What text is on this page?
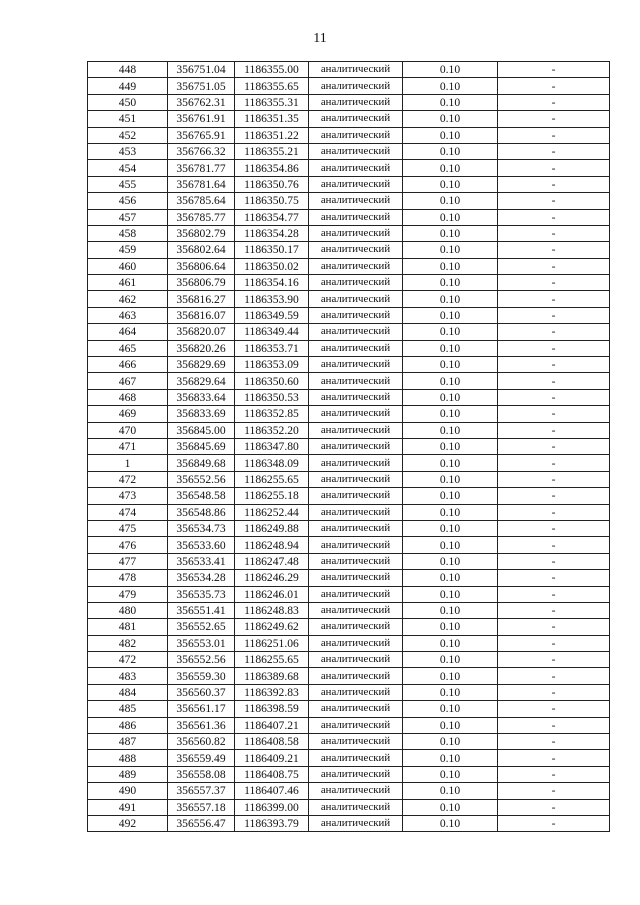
11
448	356751.04	1186355.00	аналитический	0.10	-
449	356751.05	1186355.65	аналитический	0.10	-
450	356762.31	1186355.31	аналитический	0.10	-
451	356761.91	1186351.35	аналитический	0.10	-
452	356765.91	1186351.22	аналитический	0.10	-
453	356766.32	1186355.21	аналитический	0.10	-
454	356781.77	1186354.86	аналитический	0.10	-
455	356781.64	1186350.76	аналитический	0.10	-
456	356785.64	1186350.75	аналитический	0.10	-
457	356785.77	1186354.77	аналитический	0.10	-
458	356802.79	1186354.28	аналитический	0.10	-
459	356802.64	1186350.17	аналитический	0.10	-
460	356806.64	1186350.02	аналитический	0.10	-
461	356806.79	1186354.16	аналитический	0.10	-
462	356816.27	1186353.90	аналитический	0.10	-
463	356816.07	1186349.59	аналитический	0.10	-
464	356820.07	1186349.44	аналитический	0.10	-
465	356820.26	1186353.71	аналитический	0.10	-
466	356829.69	1186353.09	аналитический	0.10	-
467	356829.64	1186350.60	аналитический	0.10	-
468	356833.64	1186350.53	аналитический	0.10	-
469	356833.69	1186352.85	аналитический	0.10	-
470	356845.00	1186352.20	аналитический	0.10	-
471	356845.69	1186347.80	аналитический	0.10	-
1	356849.68	1186348.09	аналитический	0.10	-
472	356552.56	1186255.65	аналитический	0.10	-
473	356548.58	1186255.18	аналитический	0.10	-
474	356548.86	1186252.44	аналитический	0.10	-
475	356534.73	1186249.88	аналитический	0.10	-
476	356533.60	1186248.94	аналитический	0.10	-
477	356533.41	1186247.48	аналитический	0.10	-
478	356534.28	1186246.29	аналитический	0.10	-
479	356535.73	1186246.01	аналитический	0.10	-
480	356551.41	1186248.83	аналитический	0.10	-
481	356552.65	1186249.62	аналитический	0.10	-
482	356553.01	1186251.06	аналитический	0.10	-
472	356552.56	1186255.65	аналитический	0.10	-
483	356559.30	1186389.68	аналитический	0.10	-
484	356560.37	1186392.83	аналитический	0.10	-
485	356561.17	1186398.59	аналитический	0.10	-
486	356561.36	1186407.21	аналитический	0.10	-
487	356560.82	1186408.58	аналитический	0.10	-
488	356559.49	1186409.21	аналитический	0.10	-
489	356558.08	1186408.75	аналитический	0.10	-
490	356557.37	1186407.46	аналитический	0.10	-
491	356557.18	1186399.00	аналитический	0.10	-
492	356556.47	1186393.79	аналитический	0.10	-
